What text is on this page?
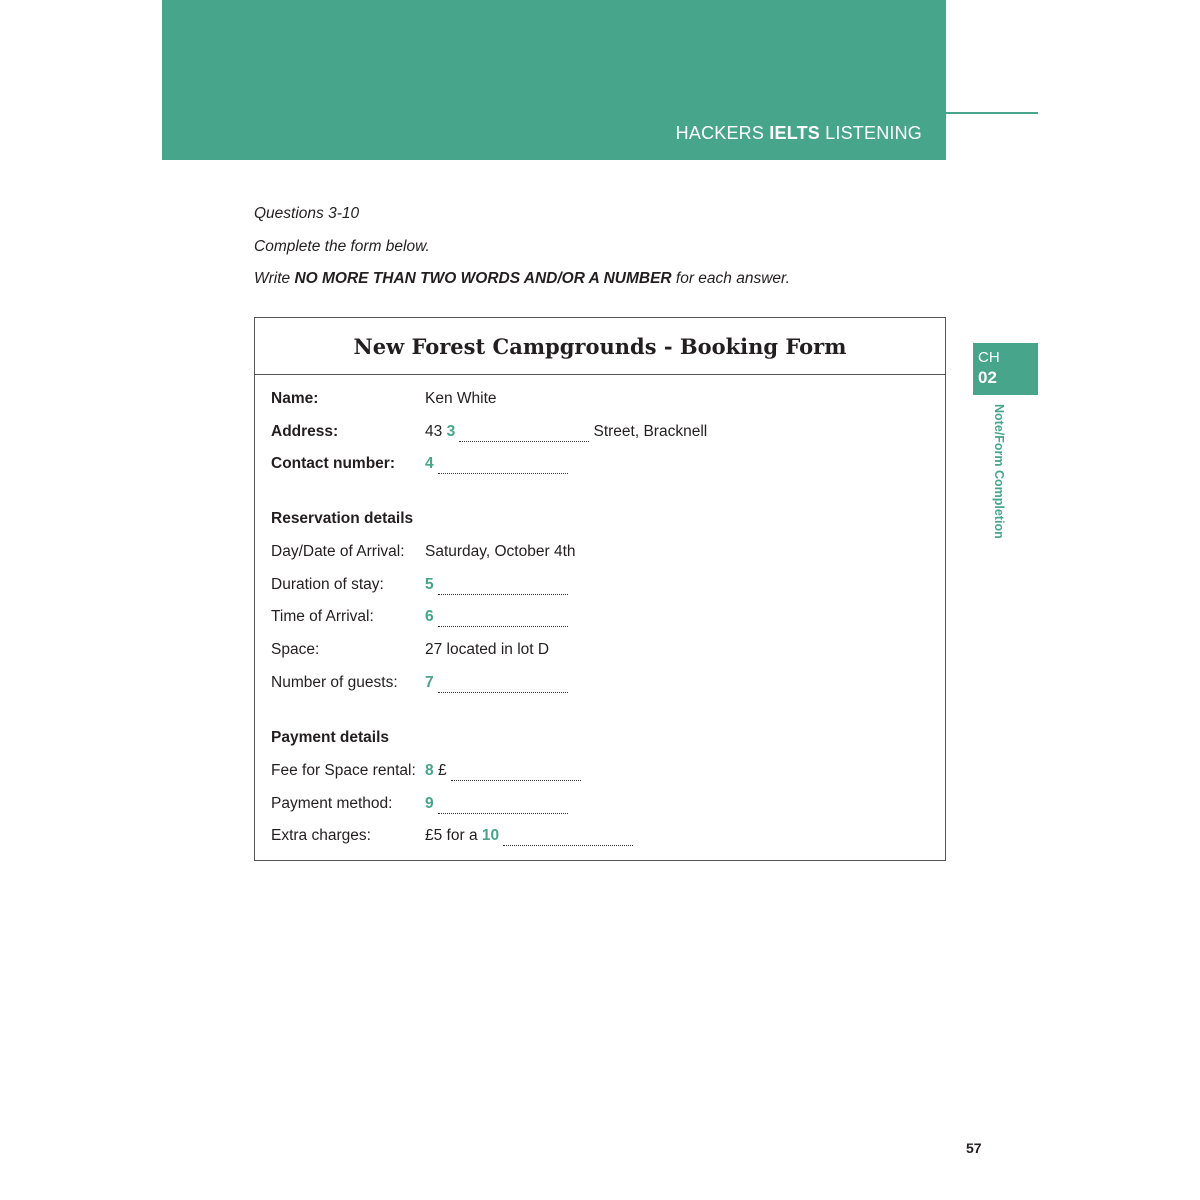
HACKERS IELTS LISTENING
CH
02
Note/Form Completion
Questions 3-10
Complete the form below.
Write NO MORE THAN TWO WORDS AND/OR A NUMBER for each answer.
New Forest Campgrounds - Booking Form
Name:	Ken White
Address:	43 3	Street, Bracknell
Contact number: 4
Reservation details
Day/Date of Arrival: Saturday, October 4th
Duration of stay:	5
Time of Arrival:	6
Space:	27 located in lot D
Number of guests: 7
Payment details
Fee for Space rental: 8 £
Payment method: 9
Extra charges:	£5 for a 10
57
